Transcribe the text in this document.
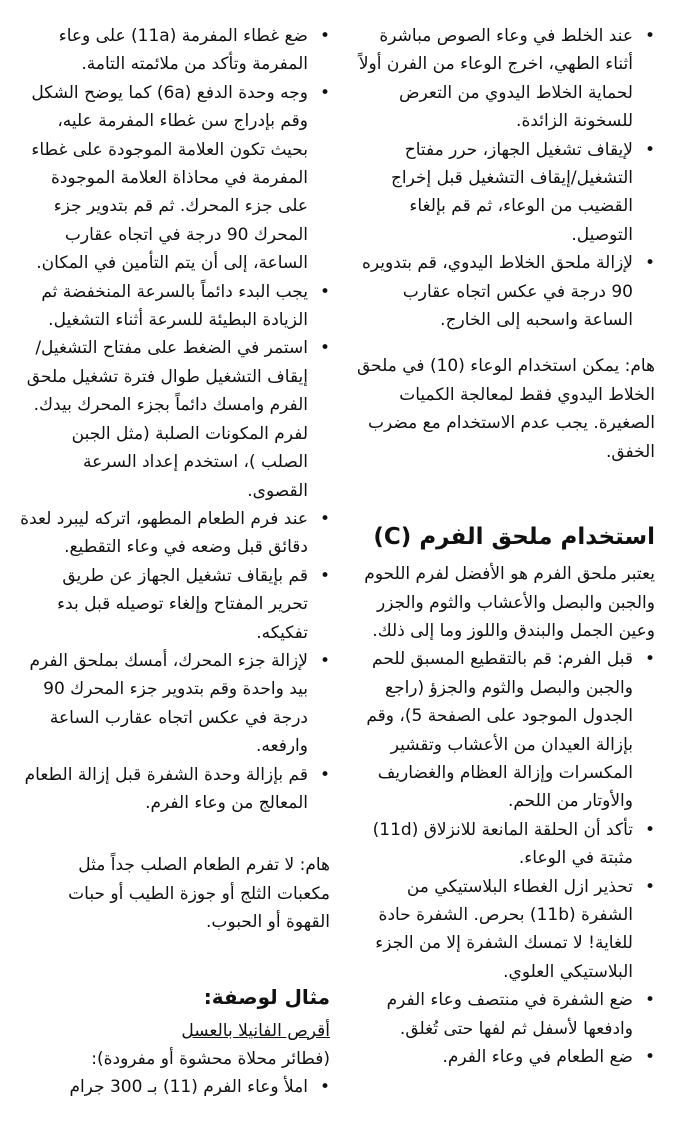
• عند الخلط في وعاء الصوص مباشرة أثناء الطهي، اخرج الوعاء من الفرن أولاً لحماية الخلاط اليدوي من التعرض للسخونة الزائدة.
• لإيقاف تشغيل الجهاز، حرر مفتاح التشغيل/إيقاف التشغيل قبل إخراج القضيب من الوعاء، ثم قم بإلغاء التوصيل.
• لإزالة ملحق الخلاط اليدوي، قم بتدويره 90 درجة في عكس اتجاه عقارب الساعة واسحبه إلى الخارج.

هام: يمكن استخدام الوعاء (10) في ملحق الخلاط اليدوي فقط لمعالجة الكميات الصغيرة. يجب عدم الاستخدام مع مضرب الخفق.

استخدام ملحق الفرم (C)

يعتبر ملحق الفرم هو الأفضل لفرم اللحوم والجبن والبصل والأعشاب والثوم والجزر وعين الجمل والبندق واللوز وما إلى ذلك.

• قبل الفرم: قم بالتقطيع المسبق للحم والجبن والبصل والثوم والجزؤ (راجع الجدول الموجود على الصفحة 5)، وقم بإزالة العيدان من الأعشاب وتقشير المكسرات وإزالة العظام والغضاريف والأوتار من اللحم.
• تأكد أن الحلقة المانعة للانزلاق (11d) مثبتة في الوعاء.
• تحذير ازل الغطاء البلاستيكي من الشفرة (11b) بحرص. الشفرة حادة للغاية! لا تمسك الشفرة إلا من الجزء البلاستيكي العلوي.
• ضع الشفرة في منتصف وعاء الفرم وادفعها لأسفل ثم لفها حتى تُغلق.
• ضع الطعام في وعاء الفرم.
• ضع غطاء المفرمة (11a) على وعاء المفرمة وتأكد من ملائمته التامة.
• وجه وحدة الدفع (6a) كما يوضح الشكل وقم بإدراج سن غطاء المفرمة عليه، بحيث تكون العلامة الموجودة على غطاء المفرمة في محاذاة العلامة الموجودة على جزء المحرك. ثم قم بتدوير جزء المحرك 90 درجة في اتجاه عقارب الساعة، إلى أن يتم التأمين في المكان.
• يجب البدء دائماً بالسرعة المنخفضة ثم الزيادة البطيئة للسرعة أثناء التشغيل.
• استمر في الضغط على مفتاح التشغيل/إيقاف التشغيل طوال فترة تشغيل ملحق الفرم وامسك دائماً بجزء المحرك بيدك. لفرم المكونات الصلبة (مثل الجبن الصلب )، استخدم إعداد السرعة القصوى.
• عند فرم الطعام المطهو، اتركه ليبرد لعدة دقائق قبل وضعه في وعاء التقطيع.
• قم بإيقاف تشغيل الجهاز عن طريق تحرير المفتاح وإلغاء توصيله قبل بدء تفكيكه.
• لإزالة جزء المحرك، أمسك بملحق الفرم بيد واحدة وقم بتدوير جزء المحرك 90 درجة في عكس اتجاه عقارب الساعة وارفعه.
• قم بإزالة وحدة الشفرة قبل إزالة الطعام المعالج من وعاء الفرم.

هام: لا تفرم الطعام الصلب جداً مثل مكعبات الثلج أو جوزة الطيب أو حبات القهوة أو الحبوب.

مثال لوصفة:

أقرص الفانيلا بالعسل

(فطائر محلاة محشوة أو مفرودة):

• املأ وعاء الفرم (11) بـ 300 جرام
